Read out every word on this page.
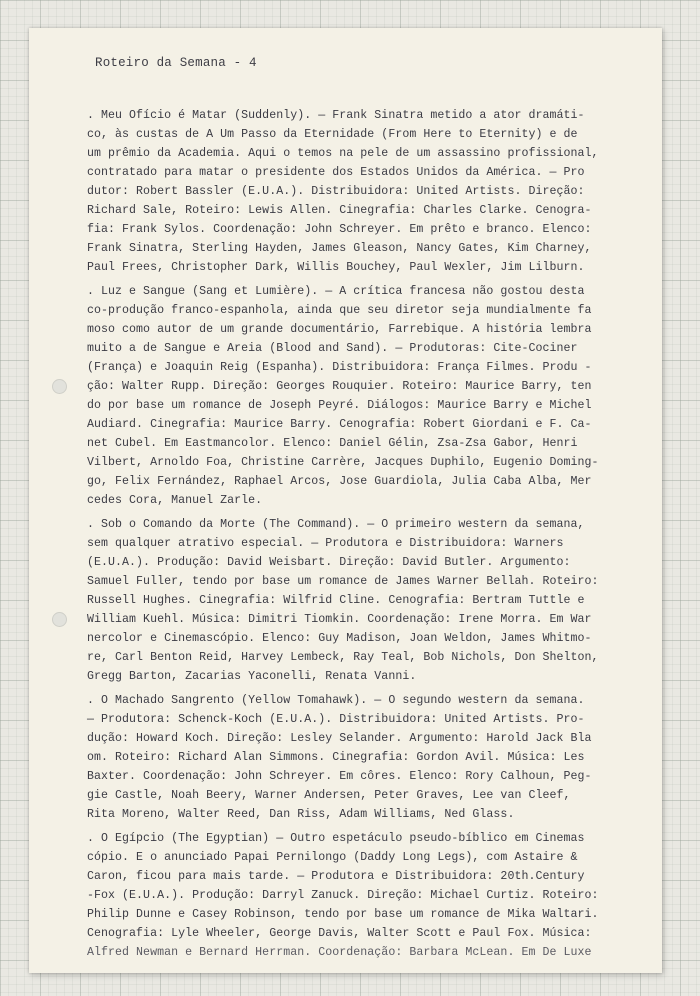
Roteiro da Semana - 4
. Meu Ofício é Matar (Suddenly). — Frank Sinatra metido a ator dramáti-
co, às custas de A Um Passo da Eternidade (From Here to Eternity) e de
um prêmio da Academia. Aqui o temos na pele de um assassino profissional,
contratado para matar o presidente dos Estados Unidos da América. — Pro
dutor: Robert Bassler (E.U.A.). Distribuidora: United Artists. Direção:
Richard Sale, Roteiro: Lewis Allen. Cinegrafia: Charles Clarke. Cenogra-
fia: Frank Sylos. Coordenação: John Schreyer. Em prêto e branco. Elenco:
Frank Sinatra, Sterling Hayden, James Gleason, Nancy Gates, Kim Charney,
Paul Frees, Christopher Dark, Willis Bouchey, Paul Wexler, Jim Lilburn.
. Luz e Sangue (Sang et Lumière). — A crítica francesa não gostou desta
co-produção franco-espanhola, ainda que seu diretor seja mundialmente fa
moso como autor de um grande documentário, Farrebique. A história lembra
muito a de Sangue e Areia (Blood and Sand). — Produtoras: Cite-Cociner
(França) e Joaquin Reig (Espanha). Distribuidora: França Filmes. Produ -
ção: Walter Rupp. Direção: Georges Rouquier. Roteiro: Maurice Barry, ten
do por base um romance de Joseph Peyré. Diálogos: Maurice Barry e Michel
Audiard. Cinegrafia: Maurice Barry. Cenografia: Robert Giordani e F. Ca-
net Cubel. Em Eastmancolor. Elenco: Daniel Gélin, Zsa-Zsa Gabor, Henri
Vilbert, Arnoldo Foa, Christine Carrère, Jacques Duphilo, Eugenio Doming-
go, Felix Fernández, Raphael Arcos, Jose Guardiola, Julia Caba Alba, Mer
cedes Cora, Manuel Zarle.
. Sob o Comando da Morte (The Command). — O primeiro western da semana,
sem qualquer atrativo especial. — Produtora e Distribuidora: Warners
(E.U.A.). Produção: David Weisbart. Direção: David Butler. Argumento:
Samuel Fuller, tendo por base um romance de James Warner Bellah. Roteiro:
Russell Hughes. Cinegrafia: Wilfrid Cline. Cenografia: Bertram Tuttle e
William Kuehl. Música: Dimitri Tiomkin. Coordenação: Irene Morra. Em War
nercolor e Cinemascópio. Elenco: Guy Madison, Joan Weldon, James Whitmo-
re, Carl Benton Reid, Harvey Lembeck, Ray Teal, Bob Nichols, Don Shelton,
Gregg Barton, Zacarias Yaconelli, Renata Vanni.
. O Machado Sangrento (Yellow Tomahawk). — O segundo western da semana.
— Produtora: Schenck-Koch (E.U.A.). Distribuidora: United Artists. Pro-
dução: Howard Koch. Direção: Lesley Selander. Argumento: Harold Jack Bla
om. Roteiro: Richard Alan Simmons. Cinegrafia: Gordon Avil. Música: Les
Baxter. Coordenação: John Schreyer. Em côres. Elenco: Rory Calhoun, Peg-
gie Castle, Noah Beery, Warner Andersen, Peter Graves, Lee van Cleef,
Rita Moreno, Walter Reed, Dan Riss, Adam Williams, Ned Glass.
. O Egípcio (The Egyptian) — Outro espetáculo pseudo-bíblico em Cinemas
cópio. E o anunciado Papai Pernilongo (Daddy Long Legs), com Astaire &
Caron, ficou para mais tarde. — Produtora e Distribuidora: 20th.Century
-Fox (E.U.A.). Produção: Darryl Zanuck. Direção: Michael Curtiz. Roteiro:
Philip Dunne e Casey Robinson, tendo por base um romance de Mika Waltari.
Cenografia: Lyle Wheeler, George Davis, Walter Scott e Paul Fox. Música:
Alfred Newman e Bernard Herrman. Coordenação: Barbara McLean. Em De Luxe
